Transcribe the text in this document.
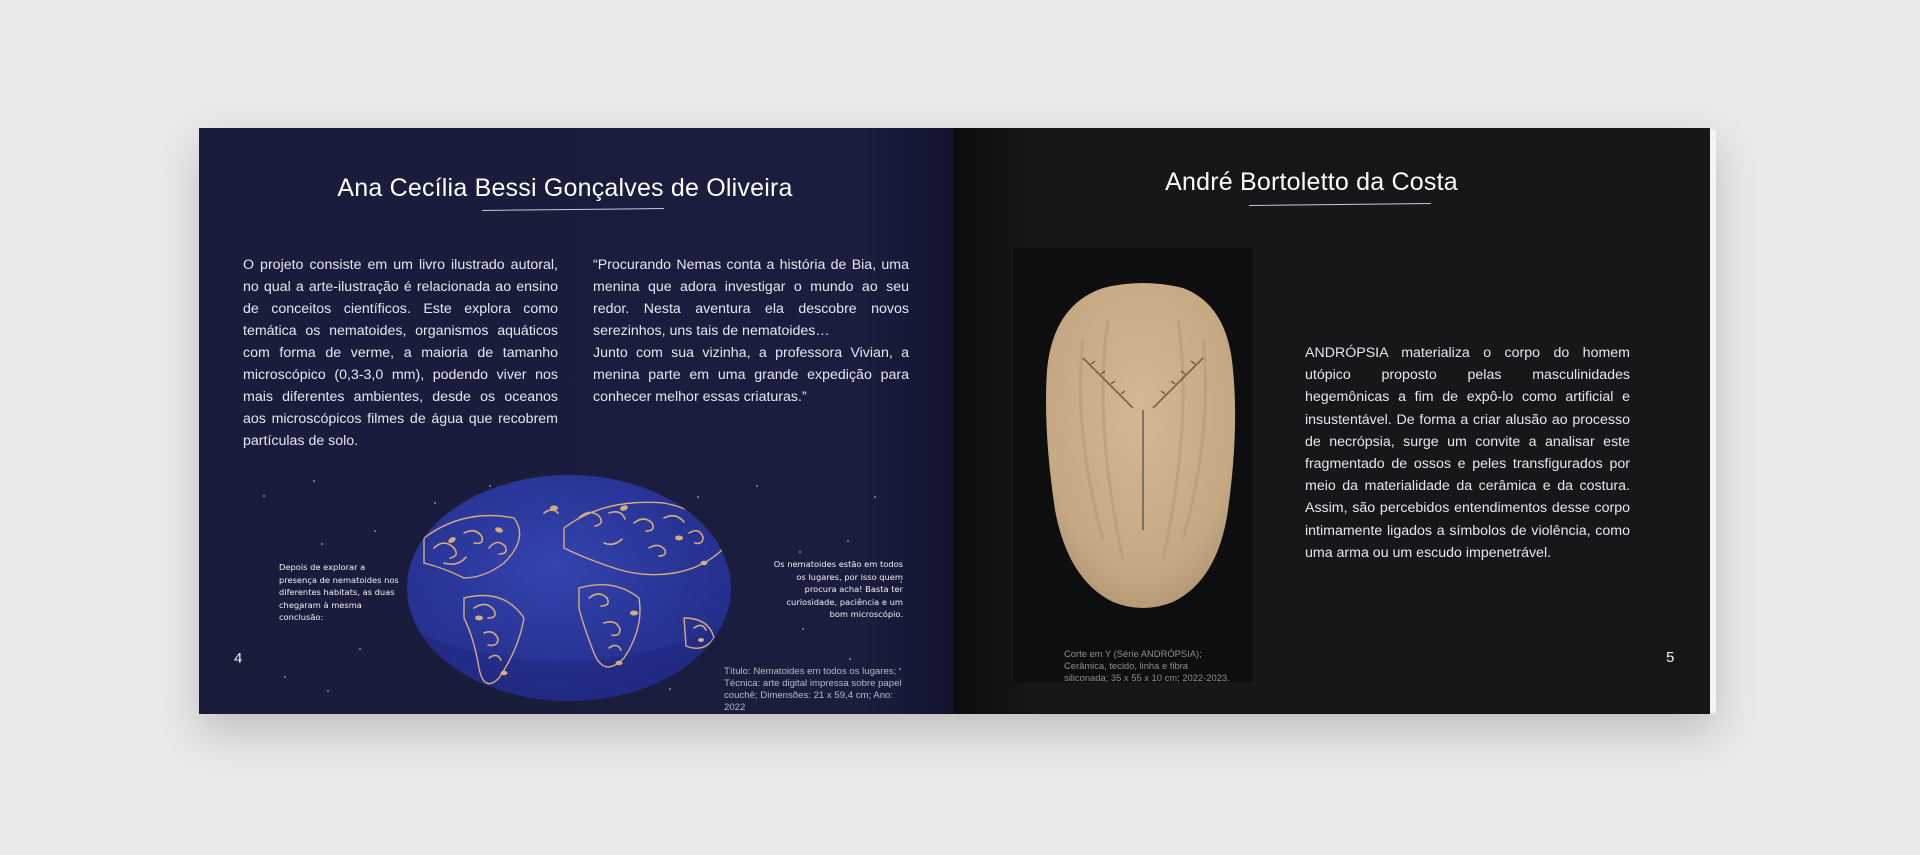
Ana Cecília Bessi Gonçalves de Oliveira

O projeto consiste em um livro ilustrado autoral, no qual a arte-ilustração é relacionada ao ensino de conceitos científicos. Este explora como temática os nematoides, organismos aquáticos com forma de verme, a maioria de tamanho microscópico (0,3-3,0 mm), podendo viver nos mais diferentes ambientes, desde os oceanos aos microscópicos filmes de água que recobrem partículas de solo.

“Procurando Nemas conta a história de Bia, uma menina que adora investigar o mundo ao seu redor. Nesta aventura ela descobre novos serezinhos, uns tais de nematoides…

Junto com sua vizinha, a professora Vivian, a menina parte em uma grande expedição para conhecer melhor essas criaturas.”

Depois de explorar a presença de nematoides nos diferentes habitats, as duas chegaram à mesma conclusão:
Os nematoides estão em todos os lugares, por isso quem procura acha! Basta ter curiosidade, paciência e um bom microscópio.
Título: Nematoides em todos os lugares; Técnica: arte digital impressa sobre papel couchê; Dimensões: 21 x 59,4 cm; Ano: 2022
4
André Bortoletto da Costa

ANDRÓPSIA materializa o corpo do homem utópico proposto pelas masculinidades hegemônicas a fim de expô-lo como artificial e insustentável. De forma a criar alusão ao processo de necrópsia, surge um convite a analisar este fragmentado de ossos e peles transfigurados por meio da materialidade da cerâmica e da costura. Assim, são percebidos entendimentos desse corpo intimamente ligados a símbolos de violência, como uma arma ou um escudo impenetrável.

Corte em Y (Série ANDRÓPSIA); Cerâmica, tecido, linha e fibra siliconada; 35 x 55 x 10 cm; 2022-2023.
5
